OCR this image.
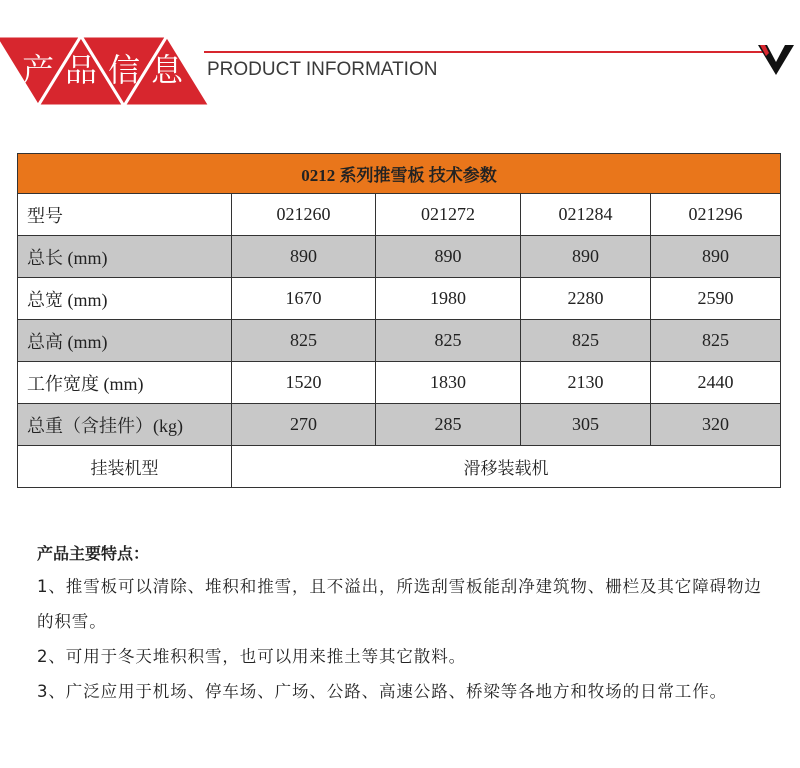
产 品 信 息	PRODUCT INFORMATION
0212 系列推雪板 技术参数				
型号	021260	021272	021284	021296
总长 (mm)	890	890	890	890
总宽 (mm)	1670	1980	2280	2590
总高 (mm)	825	825	825	825
工作宽度 (mm)	1520	1830	2130	2440
总重（含挂件）(kg)	270	285	305	320
挂装机型	滑移装载机			
产品主要特点：
1、推雪板可以清除、堆积和推雪，且不溢出，所选刮雪板能刮净建筑物、栅栏及其它障碍物边
的积雪。
2、可用于冬天堆积积雪，也可以用来推土等其它散料。
3、广泛应用于机场、停车场、广场、公路、高速公路、桥梁等各地方和牧场的日常工作。
